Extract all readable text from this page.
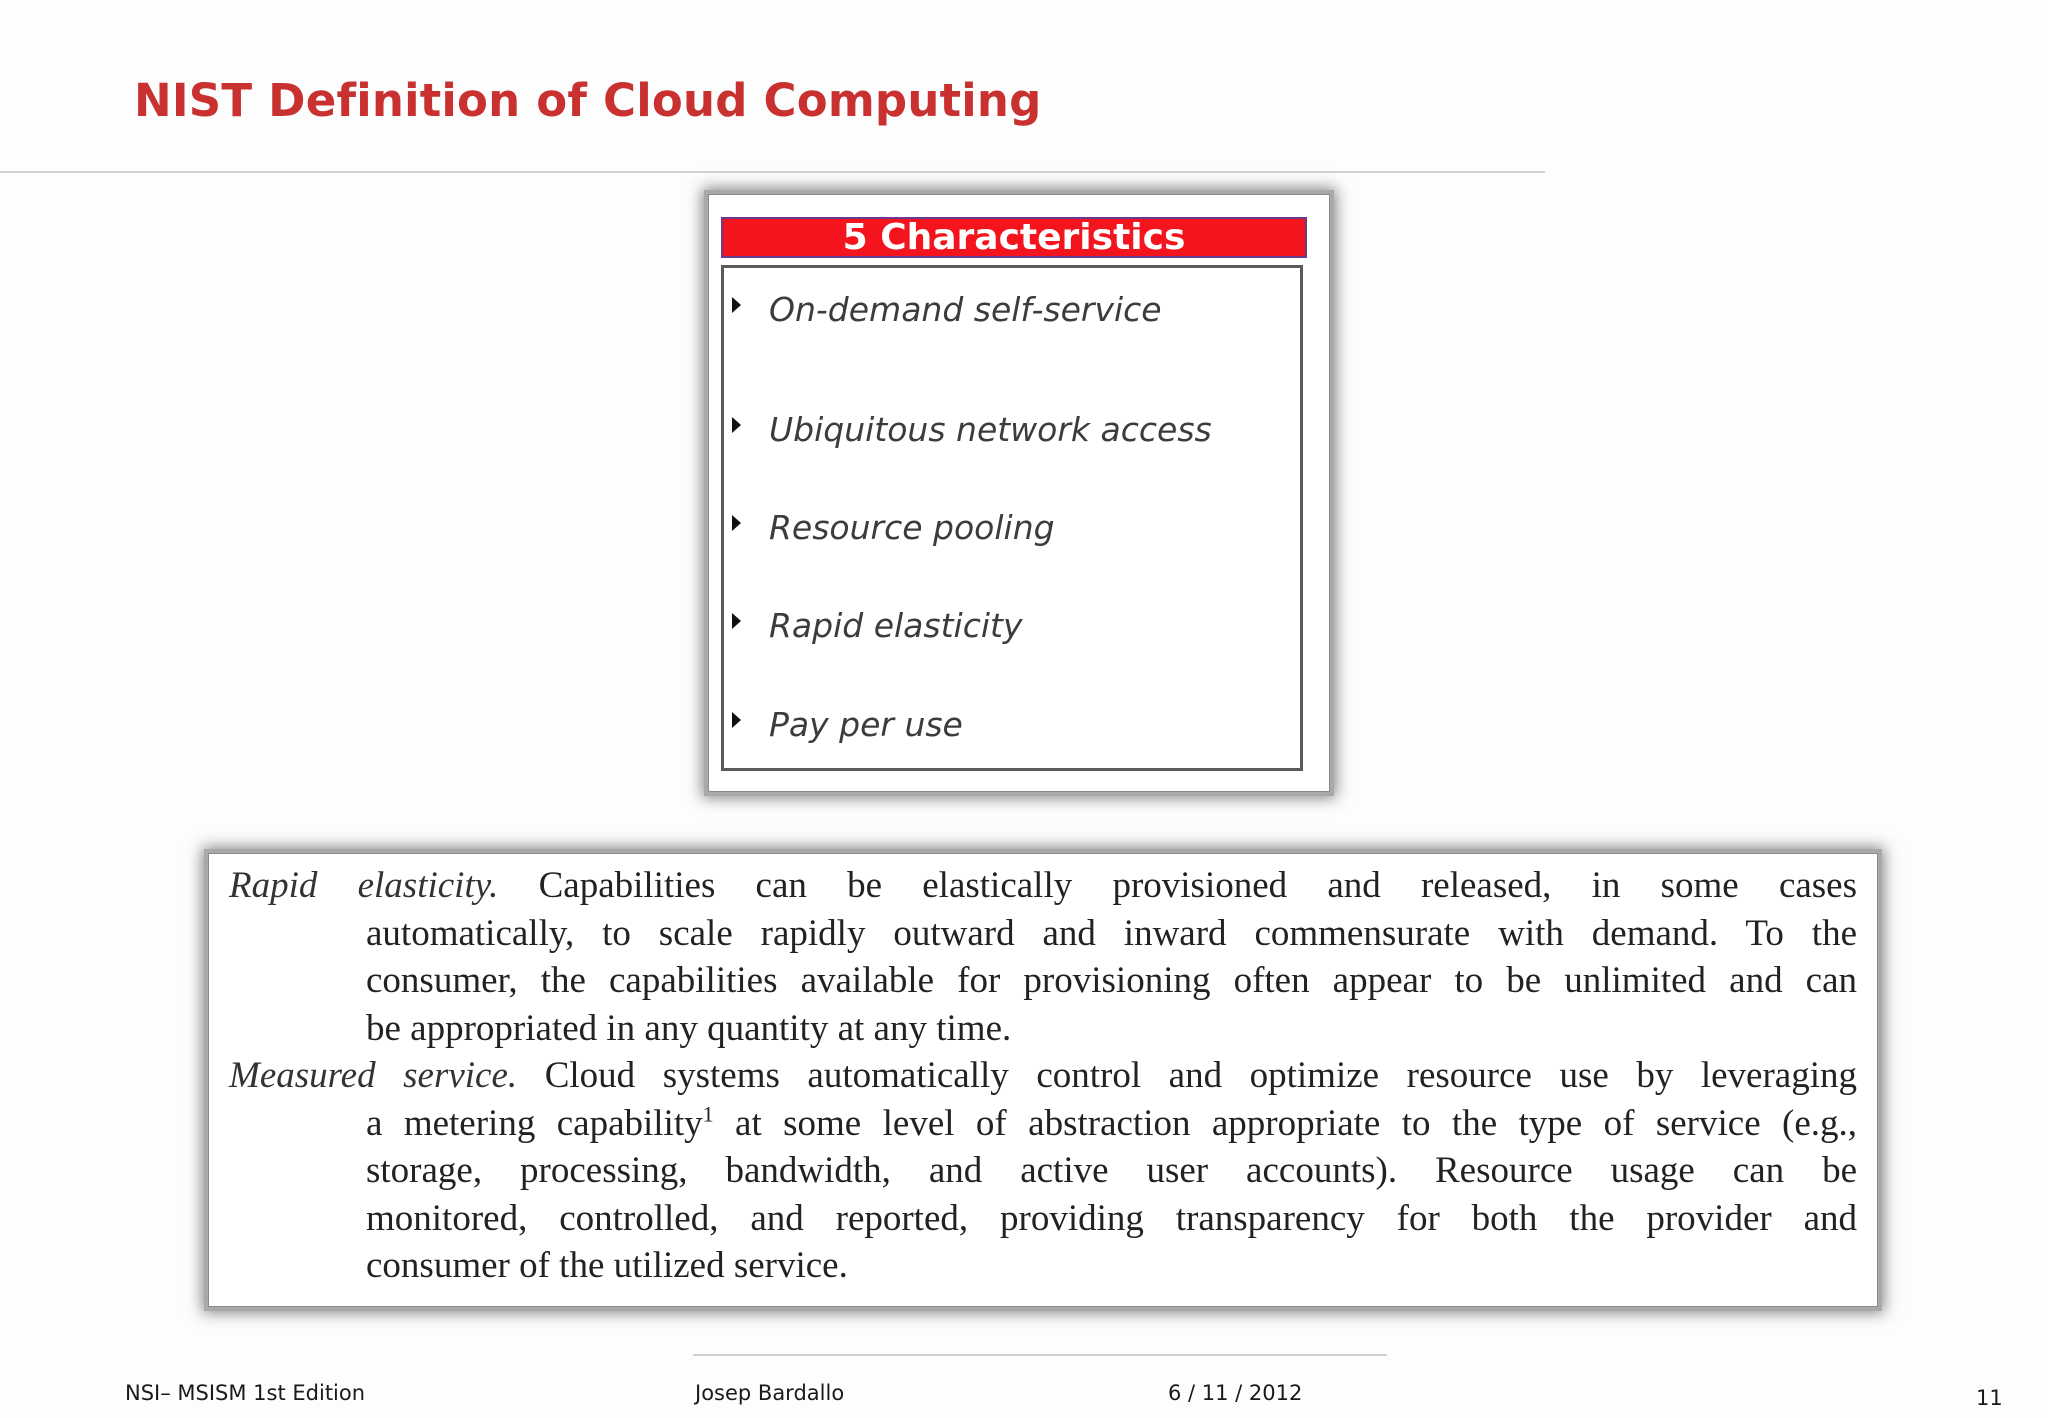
NIST Definition of Cloud Computing
5 Characteristics
On-demand self-service
Ubiquitous network access
Resource pooling
Rapid elasticity
Pay per use
Rapid elasticity. Capabilities can be elastically provisioned and released, in some cases
automatically, to scale rapidly outward and inward commensurate with demand. To the
consumer, the capabilities available for provisioning often appear to be unlimited and can
be appropriated in any quantity at any time.
Measured service. Cloud systems automatically control and optimize resource use by leveraging
a metering capability$^1$ at some level of abstraction appropriate to the type of service (e.g.,
storage, processing, bandwidth, and active user accounts). Resource usage can be
monitored, controlled, and reported, providing transparency for both the provider and
consumer of the utilized service.
NSI– MSISM 1st Edition	Josep Bardallo	6 / 11 / 2012	11
